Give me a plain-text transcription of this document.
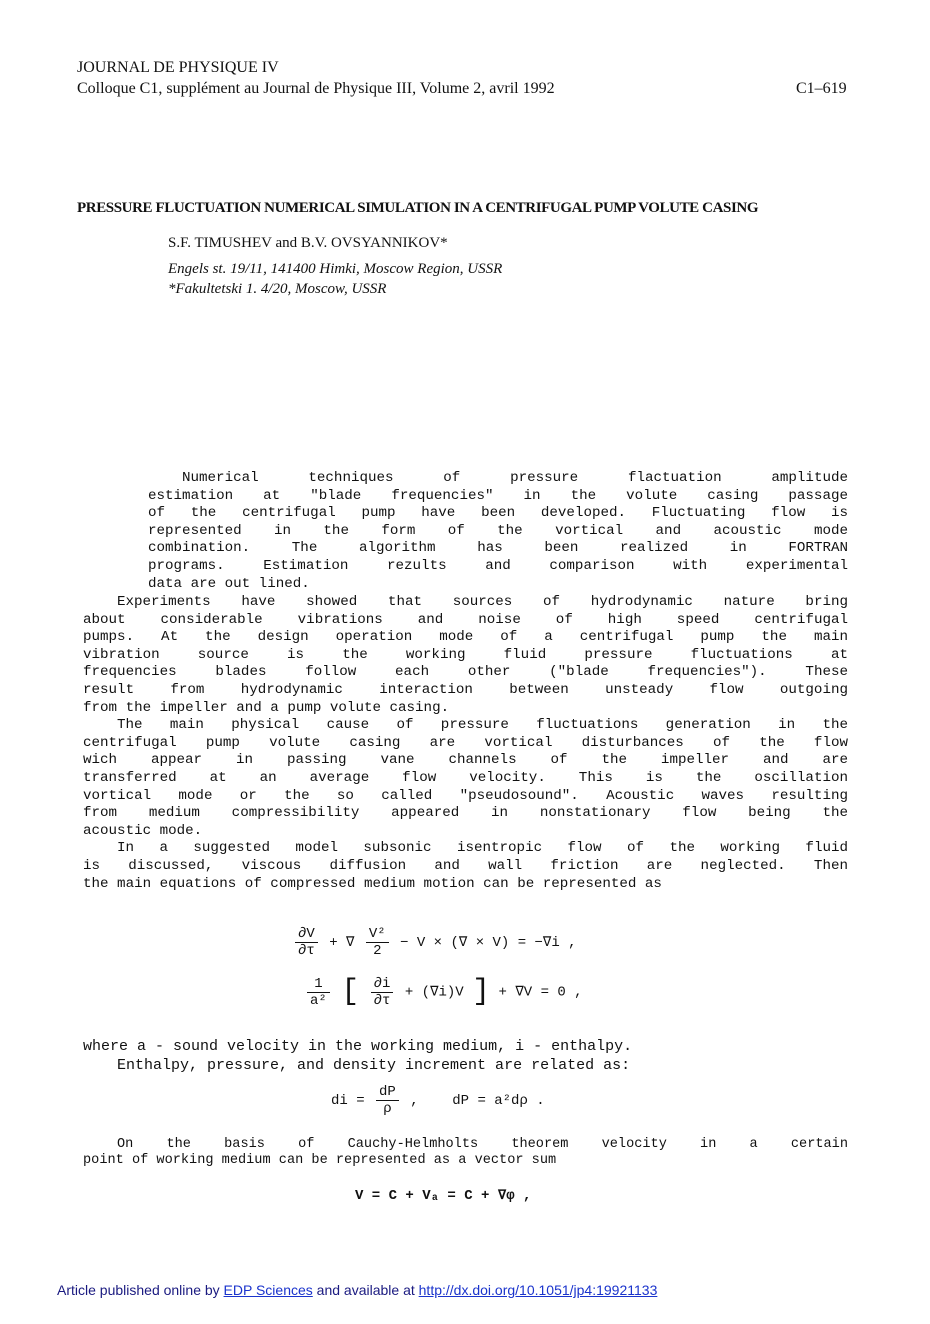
JOURNAL DE PHYSIQUE IV
Colloque C1, supplément au Journal de Physique III, Volume 2, avril 1992	C1–619
PRESSURE FLUCTUATION NUMERICAL SIMULATION IN A CENTRIFUGAL PUMP VOLUTE CASING
S.F. TIMUSHEV and B.V. OVSYANNIKOV*
Engels st. 19/11, 141400 Himki, Moscow Region, USSR
*Fakultetski 1. 4/20, Moscow, USSR
Numerical techniques of pressure flactuation amplitude
estimation at "blade frequencies" in the volute casing passage
of the centrifugal pump have been developed. Fluctuating flow is
represented in the form of the vortical and acoustic mode
combination. The algorithm has been realized in FORTRAN
programs. Estimation rezults and comparison with experimental
data are out lined.
Experiments have showed that sources of hydrodynamic nature bring
about considerable vibrations and noise of high speed centrifugal
pumps. At the design operation mode of a centrifugal pump the main
vibration source is the working fluid pressure fluctuations at
frequencies blades follow each other ("blade frequencies"). These
result from hydrodynamic interaction between unsteady flow outgoing
from the impeller and a pump volute casing.
The main physical cause of pressure fluctuations generation in the
centrifugal pump volute casing are vortical disturbances of the flow
wich appear in passing vane channels of the impeller and are
transferred at an average flow velocity. This is the oscillation
vortical mode or the so called "pseudosound". Acoustic waves resulting
from medium compressibility appeared in nonstationary flow being the
acoustic mode.
In a suggested model subsonic isentropic flow of the working fluid
is discussed, viscous diffusion and wall friction are neglected. Then
the main equations of compressed medium motion can be represented as
$\frac{\partial V}{\partial\tau}$ + ∇ $\frac{\text{V²}}{2} - V$ × (∇ × V) = −∇i ,
$\frac{1}{\text{a²}}$ [ $\frac{\partial i}{\partial\tau} + (\nabla i)V$ ] + ∇V = 0 ,
where a - sound velocity in the working medium, i - enthalpy.
Enthalpy, pressure, and density increment are related as:
di = $\frac{dP}{\rho}$ ,    dP = a²dρ .
On the basis of Cauchy-Helmholts theorem velocity in a certain
point of working medium can be represented as a vector sum
V = C + Vₐ = C + ∇φ ,
Article published online by EDP Sciences and available at http://dx.doi.org/10.1051/jp4:19921133
